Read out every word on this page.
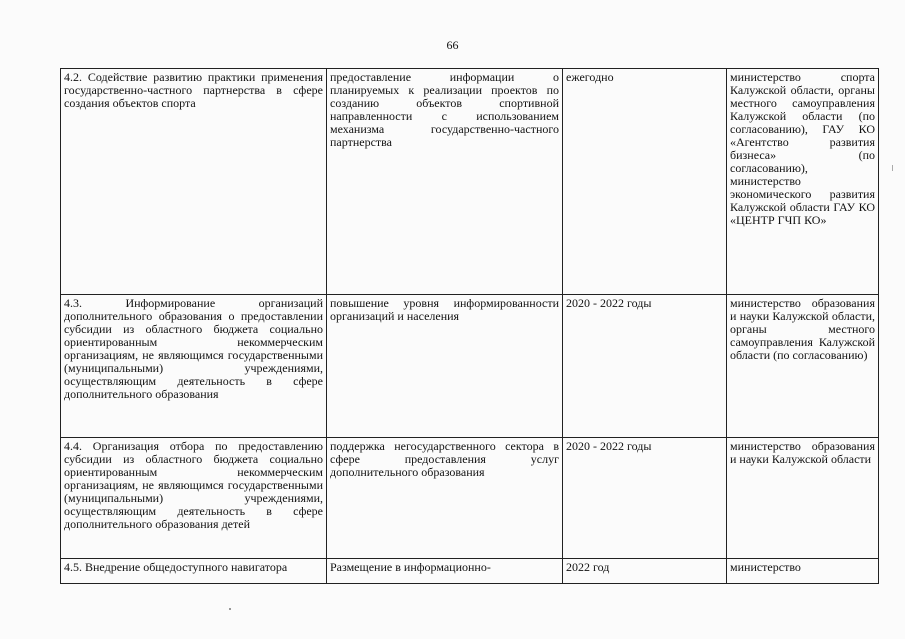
66
4.2. Содействие развитию практики применения государственно-частного партнерства в сфере создания объектов спорта	предоставление информации о планируемых к реализации проектов по созданию объектов спортивной направленности с использованием механизма государственно-частного партнерства	ежегодно	министерство спорта Калужской области, органы местного самоуправления Калужской области (по согласованию), ГАУ КО «Агентство развития бизнеса» (по согласованию), министерство экономического развития Калужской области ГАУ КО «ЦЕНТР ГЧП КО»
4.3. Информирование организаций дополнительного образования о предоставлении субсидии из областного бюджета социально ориентированным некоммерческим организациям, не являющимся государственными (муниципальными) учреждениями, осуществляющим деятельность в сфере дополнительного образования	повышение уровня информированности организаций и населения	2020 - 2022 годы	министерство образования и науки Калужской области, органы местного самоуправления Калужской области (по согласованию)
4.4. Организация отбора по предоставлению субсидии из областного бюджета социально ориентированным некоммерческим организациям, не являющимся государственными (муниципальными) учреждениями, осуществляющим деятельность в сфере дополнительного образования детей	поддержка негосударственного сектора в сфере предоставления услуг дополнительного образования	2020 - 2022 годы	министерство образования и науки Калужской области
4.5. Внедрение общедоступного навигатора	Размещение в информационно-	2022 год	министерство
